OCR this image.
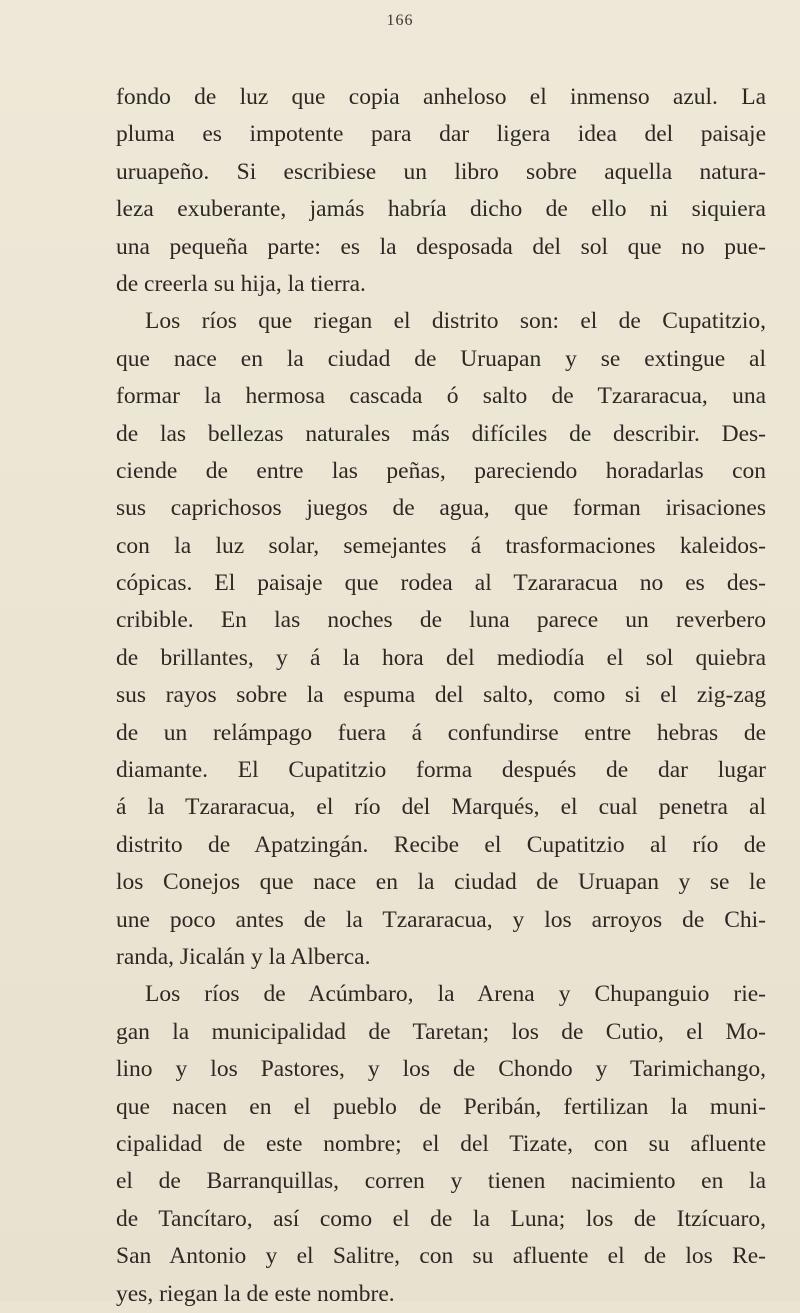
166
fondo de luz que copia anheloso el inmenso azul. La
pluma es impotente para dar ligera idea del paisaje
uruapeño. Si escribiese un libro sobre aquella natura-
leza exuberante, jamás habría dicho de ello ni siquiera
una pequeña parte: es la desposada del sol que no pue-
de creerla su hija, la tierra.
Los ríos que riegan el distrito son: el de Cupatitzio,
que nace en la ciudad de Uruapan y se extingue al
formar la hermosa cascada ó salto de Tzararacua, una
de las bellezas naturales más difíciles de describir. Des-
ciende de entre las peñas, pareciendo horadarlas con
sus caprichosos juegos de agua, que forman irisaciones
con la luz solar, semejantes á trasformaciones kaleidos-
cópicas. El paisaje que rodea al Tzararacua no es des-
cribible. En las noches de luna parece un reverbero
de brillantes, y á la hora del mediodía el sol quiebra
sus rayos sobre la espuma del salto, como si el zig-zag
de un relámpago fuera á confundirse entre hebras de
diamante. El Cupatitzio forma después de dar lugar
á la Tzararacua, el río del Marqués, el cual penetra al
distrito de Apatzingán. Recibe el Cupatitzio al río de
los Conejos que nace en la ciudad de Uruapan y se le
une poco antes de la Tzararacua, y los arroyos de Chi-
randa, Jicalán y la Alberca.
Los ríos de Acúmbaro, la Arena y Chupanguio rie-
gan la municipalidad de Taretan; los de Cutio, el Mo-
lino y los Pastores, y los de Chondo y Tarimichango,
que nacen en el pueblo de Peribán, fertilizan la muni-
cipalidad de este nombre; el del Tizate, con su afluente
el de Barranquillas, corren y tienen nacimiento en la
de Tancítaro, así como el de la Luna; los de Itzícuaro,
San Antonio y el Salitre, con su afluente el de los Re-
yes, riegan la de este nombre.
